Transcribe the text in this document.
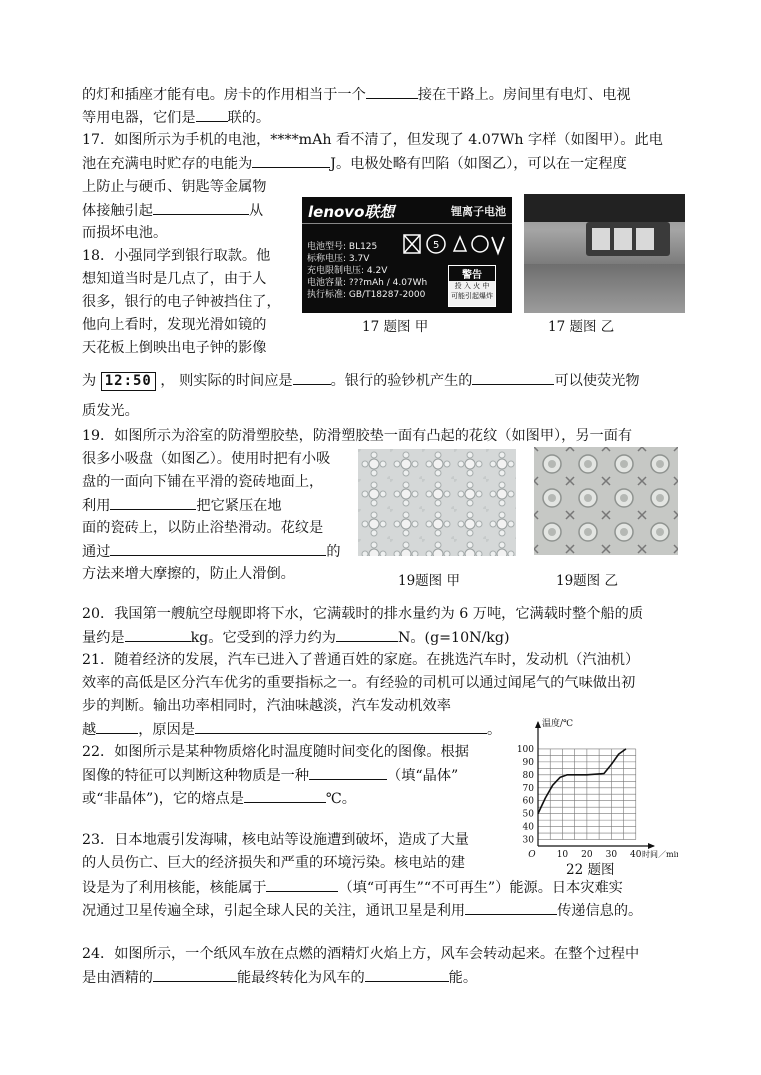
的灯和插座才能有电。房卡的作用相当于一个	接在干路上。房间里有电灯、电视
等用电器，它们是 联的。
17．如图所示为手机的电池，****mAh 看不清了，但发现了 4.07Wh 字样（如图甲）。此电
池在充满电时贮存的电能为	J。电极处略有凹陷（如图乙），可以在一定程度
上防止与硬币、钥匙等金属物
体接触引起	从
而损坏电池。
lenovo联想	锂离子电池
电池型号: BL125
标称电压: 3.7V
充电限制电压: 4.2V
电池容量: ???mAh / 4.07Wh
执行标准: GB/T18287-2000
5
警告
投 入 火 中
可能引起爆炸
17 题图 甲	17 题图 乙
18．小强同学到银行取款。他
想知道当时是几点了，由于人
很多，银行的电子钟被挡住了，
他向上看时，发现光滑如镜的
天花板上倒映出电子钟的影像
为 12:50 ， 则实际的时间应是	。银行的验钞机产生的	可以使荧光物
质发光。
19．如图所示为浴室的防滑塑胶垫，防滑塑胶垫一面有凸起的花纹（如图甲），另一面有
很多小吸盘（如图乙）。使用时把有小吸
盘的一面向下铺在平滑的瓷砖地面上，
利用	把它紧压在地
面的瓷砖上，以防止浴垫滑动。花纹是
通过	的
方法来增大摩擦的，防止人滑倒。	19题图 甲	19题图 乙
20．我国第一艘航空母舰即将下水，它满载时的排水量约为 6 万吨，它满载时整个船的质
量约是	kg。它受到的浮力约为	N。(g=10N/kg)
21．随着经济的发展，汽车已进入了普通百姓的家庭。在挑选汽车时，发动机（汽油机）
效率的高低是区分汽车优劣的重要指标之一。有经验的司机可以通过闻尾气的气味做出初
步的判断。输出功率相同时，汽油味越淡，汽车发动机效率
越	，原因是	。
22．如图所示是某种物质熔化时温度随时间变化的图像。根据
图像的特征可以判断这种物质是一种	（填“晶体”
或“非晶体”)，它的熔点是	℃。
30
40
50
60
70
80
90
100
10 20 30 40
O
温度/℃
时间／min
22 题图
23．日本地震引发海啸，核电站等设施遭到破坏，造成了大量
的人员伤亡、巨大的经济损失和严重的环境污染。核电站的建
设是为了利用核能，核能属于	（填“可再生”“不可再生”）能源。日本灾难实
况通过卫星传遍全球，引起全球人民的关注，通讯卫星是利用	传递信息的。
24．如图所示，一个纸风车放在点燃的酒精灯火焰上方，风车会转动起来。在整个过程中
是由酒精的	能最终转化为风车的	能。
